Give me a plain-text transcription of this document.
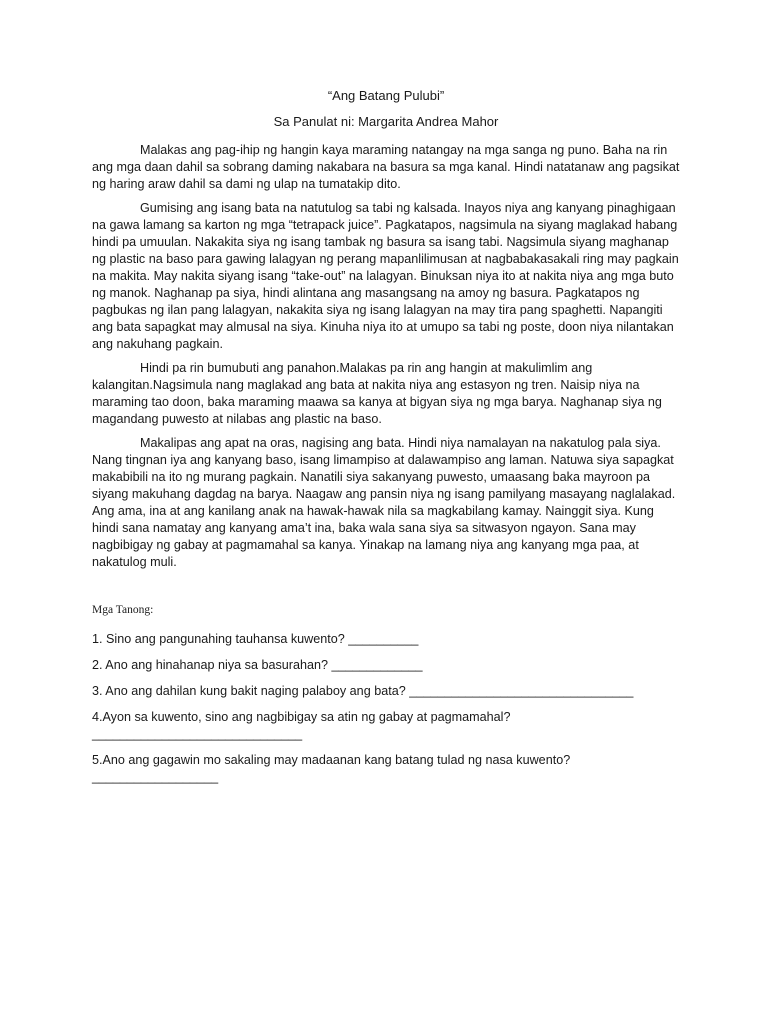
“Ang Batang Pulubi”
Sa Panulat ni: Margarita Andrea Mahor

Malakas ang pag-ihip ng hangin kaya maraming natangay na mga sanga ng puno. Baha na rin ang mga daan dahil sa sobrang daming nakabara na basura sa mga kanal. Hindi natatanaw ang pagsikat ng haring araw dahil sa dami ng ulap na tumatakip dito.

Gumising ang isang bata na natutulog sa tabi ng kalsada. Inayos niya ang kanyang pinaghigaan na gawa lamang sa karton ng mga “tetrapack juice”. Pagkatapos, nagsimula na siyang maglakad habang hindi pa umuulan. Nakakita siya ng isang tambak ng basura sa isang tabi. Nagsimula siyang maghanap ng plastic na baso para gawing lalagyan ng perang mapanlilimusan at nagbabakasakali ring may pagkain na makita. May nakita siyang isang “take-out” na lalagyan. Binuksan niya ito at nakita niya ang mga buto ng manok. Naghanap pa siya, hindi alintana ang masangsang na amoy ng basura. Pagkatapos ng pagbukas ng ilan pang lalagyan, nakakita siya ng isang lalagyan na may tira pang spaghetti. Napangiti ang bata sapagkat may almusal na siya. Kinuha niya ito at umupo sa tabi ng poste, doon niya nilantakan ang nakuhang pagkain.

Hindi pa rin bumubuti ang panahon.Malakas pa rin ang hangin at makulimlim ang kalangitan.Nagsimula nang maglakad ang bata at nakita niya ang estasyon ng tren. Naisip niya na maraming tao doon, baka maraming maawa sa kanya at bigyan siya ng mga barya. Naghanap siya ng magandang puwesto at nilabas ang plastic na baso.

Makalipas ang apat na oras, nagising ang bata. Hindi niya namalayan na nakatulog pala siya. Nang tingnan iya ang kanyang baso, isang limampiso at dalawampiso ang laman. Natuwa siya sapagkat makabibili na ito ng murang pagkain. Nanatili siya sakanyang puwesto, umaasang baka mayroon pa siyang makuhang dagdag na barya. Naagaw ang pansin niya ng isang pamilyang masayang naglalakad. Ang ama, ina at ang kanilang anak na hawak-hawak nila sa magkabilang kamay. Nainggit siya. Kung hindi sana namatay ang kanyang ama’t ina, baka wala sana siya sa sitwasyon ngayon. Sana may nagbibigay ng gabay at pagmamahal sa kanya. Yinakap na lamang niya ang kanyang mga paa, at nakatulog muli.

Mga Tanong:
1. Sino ang pangunahing tauhansa kuwento? __________
2. Ano ang hinahanap niya sa basurahan? _____________
3. Ano ang dahilan kung bakit naging palaboy ang bata? ________________________________
4.Ayon sa kuwento, sino ang nagbibigay sa atin ng gabay at pagmamahal? ______________________________
5.Ano ang gagawin mo sakaling may madaanan kang batang tulad ng nasa kuwento? __________________
